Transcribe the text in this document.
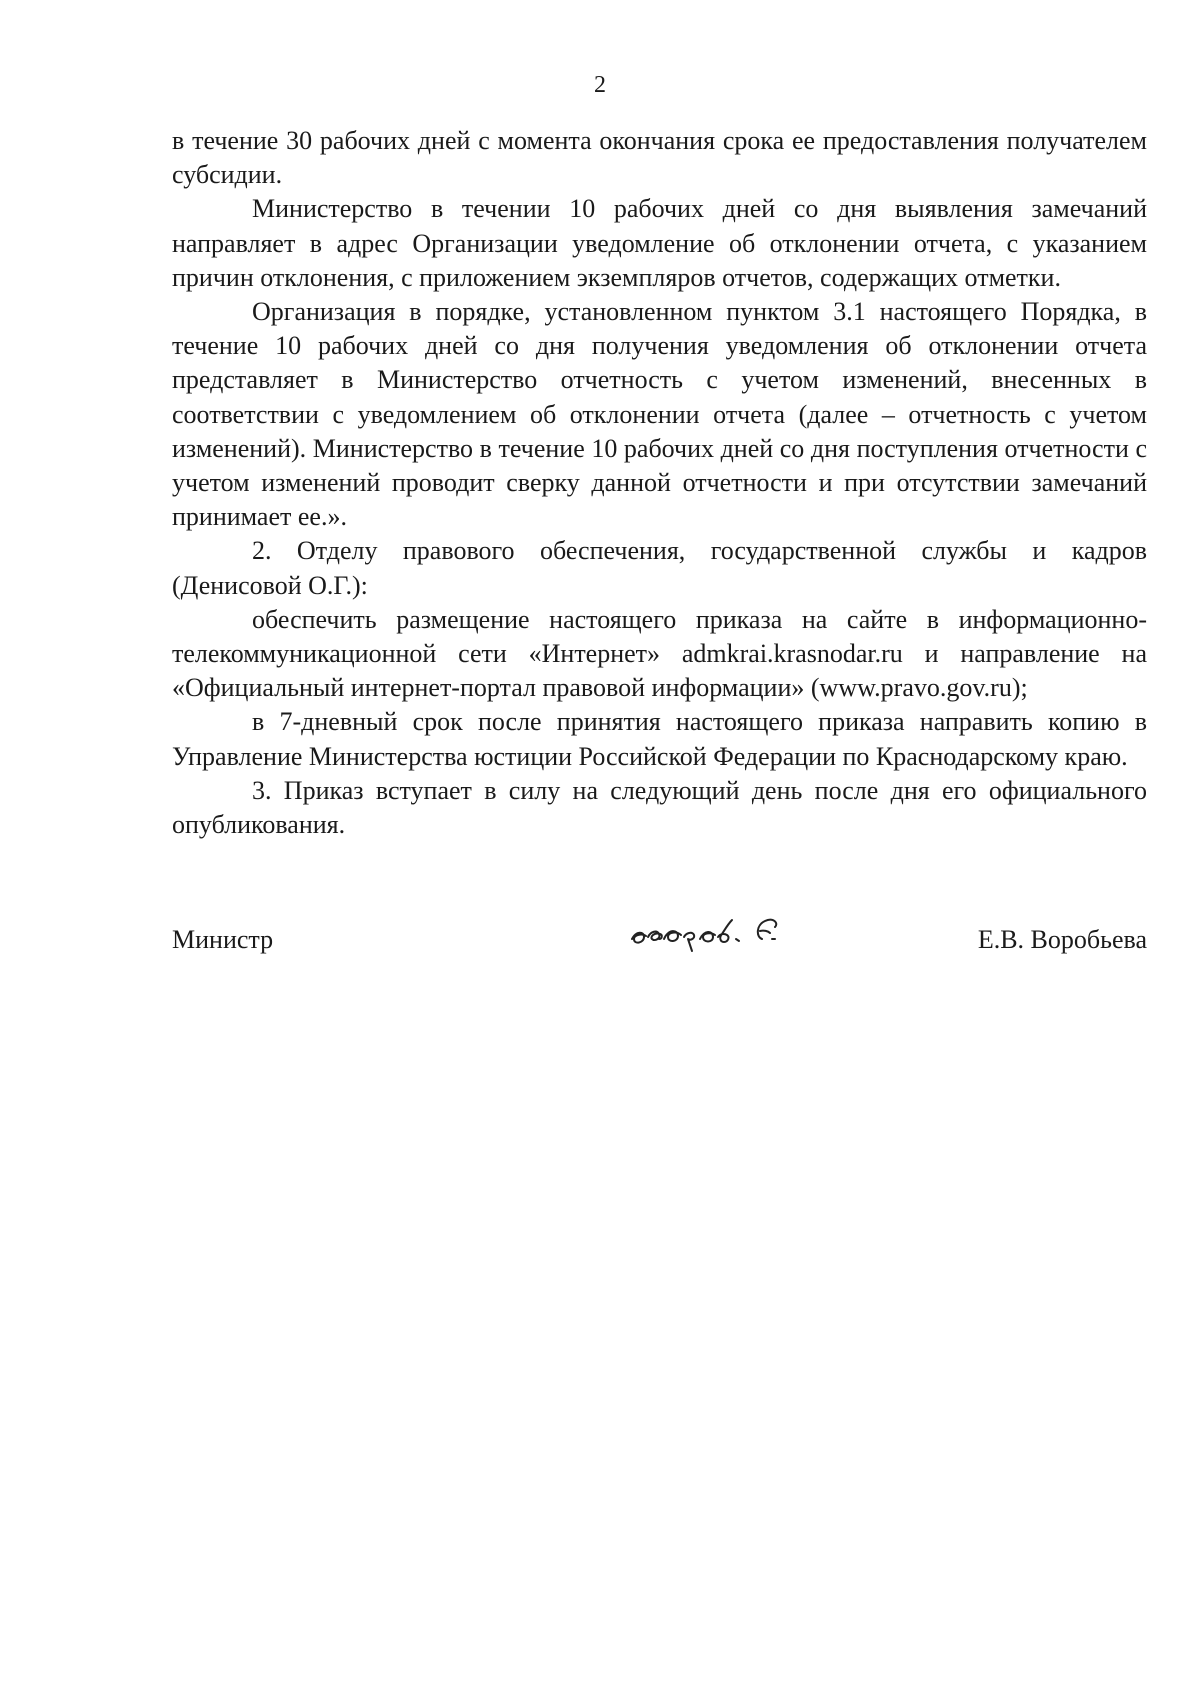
2

в течение 30 рабочих дней с момента окончания срока ее предоставления получателем субсидии.

Министерство в течении 10 рабочих дней со дня выявления замечаний направляет в адрес Организации уведомление об отклонении отчета, с указанием причин отклонения, с приложением экземпляров отчетов, содержащих отметки.

Организация в порядке, установленном пунктом 3.1 настоящего Порядка, в течение 10 рабочих дней со дня получения уведомления об отклонении отчета представляет в Министерство отчетность с учетом изменений, внесенных в соответствии с уведомлением об отклонении отчета (далее – отчетность с учетом изменений). Министерство в течение 10 рабочих дней со дня поступления отчетности с учетом изменений проводит сверку данной отчетности и при отсутствии замечаний принимает ее.».

2. Отделу правового обеспечения, государственной службы и кадров (Денисовой О.Г.):

обеспечить размещение настоящего приказа на сайте в информационно-телекоммуникационной сети «Интернет» admkrai.krasnodar.ru и направление на «Официальный интернет-портал правовой информации» (www.pravo.gov.ru);

в 7-дневный срок после принятия настоящего приказа направить копию в Управление Министерства юстиции Российской Федерации по Краснодарскому краю.

3. Приказ вступает в силу на следующий день после дня его официального опубликования.

Министр	Е.В. Воробьева
